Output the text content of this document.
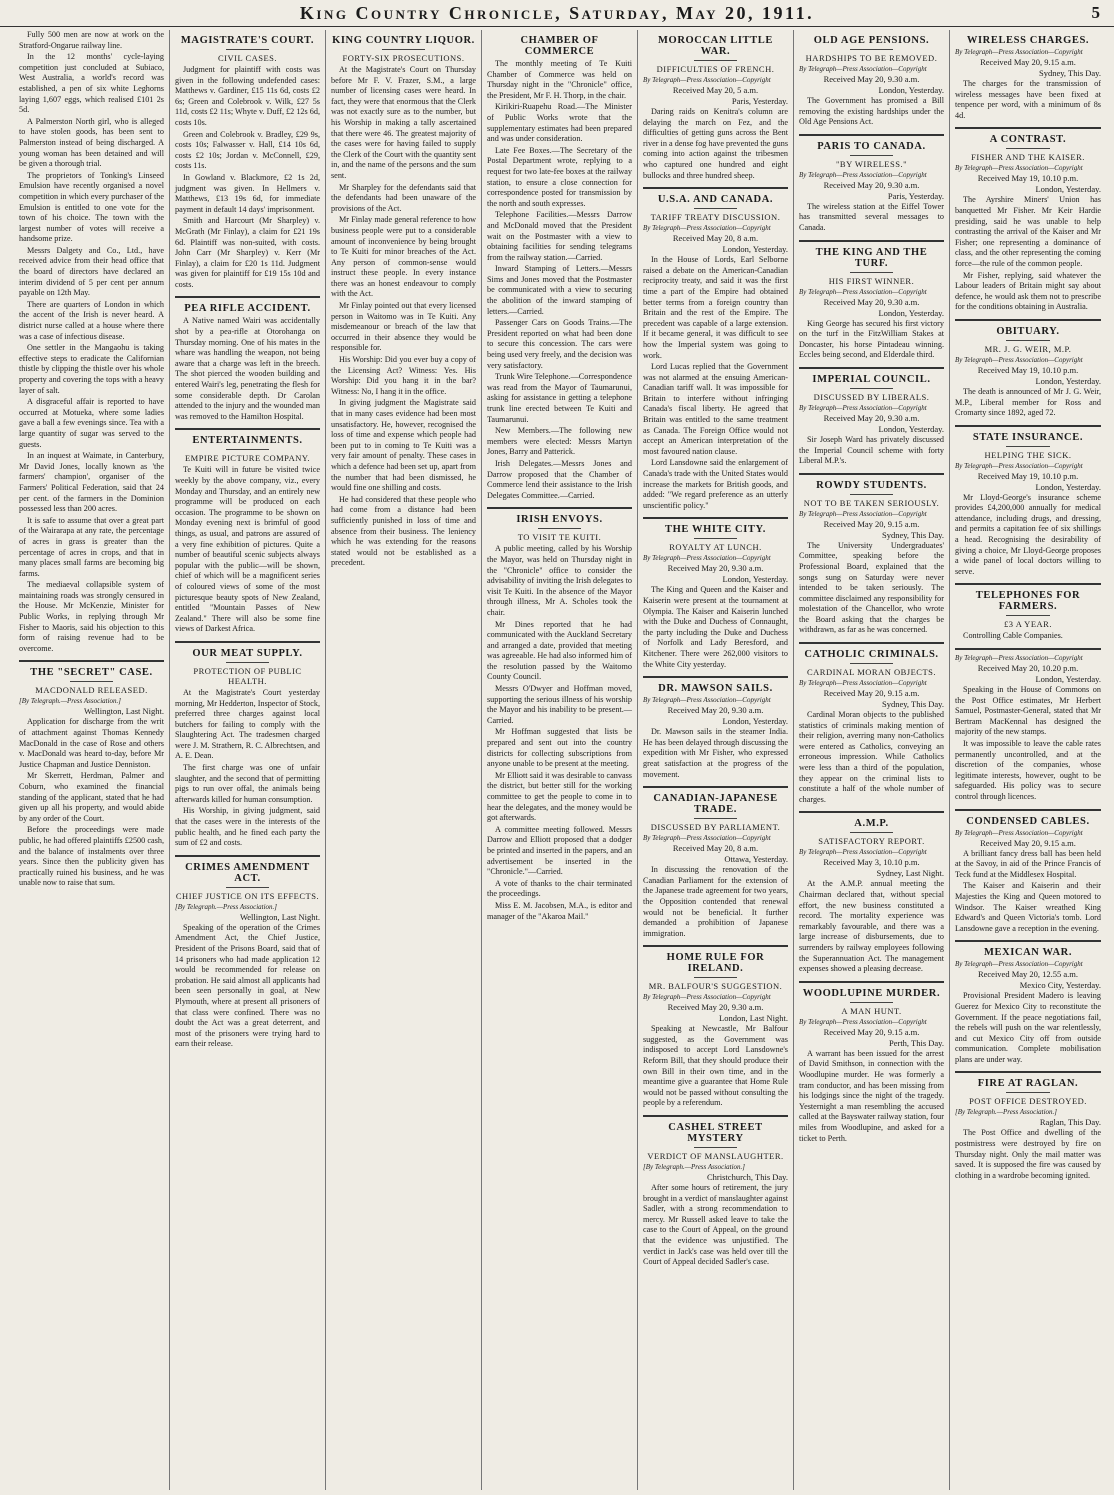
King Country Chronicle, Saturday, May 20, 1911.	5
Fully 500 men are now at work on the Stratford-Ongarue railway line.
In the 12 months' cycle-laying competition just concluded at Subiaco, West Australia, a world's record was established, a pen of six white Leghorns laying 1,607 eggs, which realised £101 2s 5d.
A Palmerston North girl, who is alleged to have stolen goods, has been sent to Palmerston instead of being discharged. A young woman has been detained and will be given a thorough trial.
The proprietors of Tonking's Linseed Emulsion have recently organised a novel competition in which every purchaser of the Emulsion is entitled to one vote for the town of his choice. The town with the largest number of votes will receive a handsome prize.
Messrs Dalgety and Co., Ltd., have received advice from their head office that the board of directors have declared an interim dividend of 5 per cent per annum payable on 12th May.
There are quarters of London in which the accent of the Irish is never heard. A district nurse called at a house where there was a case of infectious disease.
One settler in the Mangaohu is taking effective steps to eradicate the Californian thistle by clipping the thistle over his whole property and covering the tops with a heavy layer of salt.
A disgraceful affair is reported to have occurred at Motueka, where some ladies gave a ball a few evenings since. Tea with a large quantity of sugar was served to the guests.
In an inquest at Waimate, in Canterbury, Mr David Jones, locally known as 'the farmers' champion', organiser of the Farmers' Political Federation, said that 24 per cent. of the farmers in the Dominion possessed less than 200 acres.
It is safe to assume that over a great part of the Wairarapa at any rate, the percentage of acres in grass is greater than the percentage of acres in crops, and that in many places small farms are becoming big farms.
The mediaeval collapsible system of maintaining roads was strongly censured in the House. Mr McKenzie, Minister for Public Works, in replying through Mr Fisher to Maoris, said his objection to this form of raising revenue had to be overcome.
THE "SECRET" CASE.
MACDONALD RELEASED.
[By Telegraph.—Press Association.]
Wellington, Last Night.
Application for discharge from the writ of attachment against Thomas Kennedy MacDonald in the case of Rose and others v. MacDonald was heard to-day, before Mr Justice Chapman and Justice Denniston.
Mr Skerrett, Herdman, Palmer and Coburn, who examined the financial standing of the applicant, stated that he had given up all his property, and would abide by any order of the Court.
Before the proceedings were made public, he had offered plaintiffs £2500 cash, and the balance of instalments over three years. Since then the publicity given has practically ruined his business, and he was unable now to raise that sum.
MAGISTRATE'S COURT.
CIVIL CASES.
Judgment for plaintiff with costs was given in the following undefended cases: Matthews v. Gardiner, £15 11s 6d, costs £2 6s; Green and Colebrook v. Wilk, £27 5s 11d, costs £2 11s; Whyte v. Duff, £2 12s 6d, costs 10s.
Green and Colebrook v. Bradley, £29 9s, costs 10s; Falwasser v. Hall, £14 10s 6d, costs £2 10s; Jordan v. McConnell, £29, costs 11s.
In Gowland v. Blackmore, £2 1s 2d, judgment was given. In Hellmers v. Matthews, £13 19s 6d, for immediate payment in default 14 days' imprisonment.
Smith and Harcourt (Mr Sharpley) v. McGrath (Mr Finlay), a claim for £21 19s 6d. Plaintiff was non-suited, with costs. John Carr (Mr Sharpley) v. Kerr (Mr Finlay), a claim for £20 1s 11d. Judgment was given for plaintiff for £19 15s 10d and costs.
PEA RIFLE ACCIDENT.
A Native named Wairi was accidentally shot by a pea-rifle at Otorohanga on Thursday morning. One of his mates in the whare was handling the weapon, not being aware that a charge was left in the breech. The shot pierced the wooden building and entered Wairi's leg, penetrating the flesh for some considerable depth. Dr Carolan attended to the injury and the wounded man was removed to the Hamilton Hospital.
ENTERTAINMENTS.
EMPIRE PICTURE COMPANY.
Te Kuiti will in future be visited twice weekly by the above company, viz., every Monday and Thursday, and an entirely new programme will be produced on each occasion. The programme to be shown on Monday evening next is brimful of good things, as usual, and patrons are assured of a very fine exhibition of pictures. Quite a number of beautiful scenic subjects always popular with the public—will be shown, chief of which will be a magnificent series of coloured views of some of the most picturesque beauty spots of New Zealand, entitled "Mountain Passes of New Zealand." There will also be some fine views of Darkest Africa.
OUR MEAT SUPPLY.
PROTECTION OF PUBLIC HEALTH.
At the Magistrate's Court yesterday morning, Mr Hedderton, Inspector of Stock, preferred three charges against local butchers for failing to comply with the Slaughtering Act. The tradesmen charged were J. M. Strathern, R. C. Albrechtsen, and A. E. Dean.
The first charge was one of unfair slaughter, and the second that of permitting pigs to run over offal, the animals being afterwards killed for human consumption.
His Worship, in giving judgment, said that the cases were in the interests of the public health, and he fined each party the sum of £2 and costs.
CRIMES AMENDMENT ACT.
CHIEF JUSTICE ON ITS EFFECTS.
[By Telegraph.—Press Association.]
Wellington, Last Night.
Speaking of the operation of the Crimes Amendment Act, the Chief Justice, President of the Prisons Board, said that of 14 prisoners who had made application 12 would be recommended for release on probation. He said almost all applicants had been seen personally in goal, at New Plymouth, where at present all prisoners of that class were confined. There was no doubt the Act was a great deterrent, and most of the prisoners were trying hard to earn their release.
KING COUNTRY LIQUOR.
FORTY-SIX PROSECUTIONS.
At the Magistrate's Court on Thursday before Mr F. V. Frazer, S.M., a large number of licensing cases were heard. In fact, they were that enormous that the Clerk was not exactly sure as to the number, but his Worship in making a tally ascertained that there were 46. The greatest majority of the cases were for having failed to supply the Clerk of the Court with the quantity sent in, and the name of the persons and the sum sent.
Mr Sharpley for the defendants said that the defendants had been unaware of the provisions of the Act.
Mr Finlay made general reference to how business people were put to a considerable amount of inconvenience by being brought to Te Kuiti for minor breaches of the Act. Any person of common-sense would instruct these people. In every instance there was an honest endeavour to comply with the Act.
Mr Finlay pointed out that every licensed person in Waitomo was in Te Kuiti. Any misdemeanour or breach of the law that occurred in their absence they would be responsible for.
His Worship: Did you ever buy a copy of the Licensing Act? Witness: Yes. His Worship: Did you hang it in the bar? Witness: No, I hang it in the office.
In giving judgment the Magistrate said that in many cases evidence had been most unsatisfactory. He, however, recognised the loss of time and expense which people had been put to in coming to Te Kuiti was a very fair amount of penalty. These cases in which a defence had been set up, apart from the number that had been dismissed, he would fine one shilling and costs.
He had considered that these people who had come from a distance had been sufficiently punished in loss of time and absence from their business. The leniency which he was extending for the reasons stated would not be established as a precedent.
CHAMBER OF COMMERCE
The monthly meeting of Te Kuiti Chamber of Commerce was held on Thursday night in the "Chronicle" office, the President, Mr F. H. Thorp, in the chair.
Kirikiri-Ruapehu Road.—The Minister of Public Works wrote that the supplementary estimates had been prepared and was under consideration.
Late Fee Boxes.—The Secretary of the Postal Department wrote, replying to a request for two late-fee boxes at the railway station, to ensure a close connection for correspondence posted for transmission by the north and south expresses.
Telephone Facilities.—Messrs Darrow and McDonald moved that the President wait on the Postmaster with a view to obtaining facilities for sending telegrams from the railway station.—Carried.
Inward Stamping of Letters.—Messrs Sims and Jones moved that the Postmaster be communicated with a view to securing the abolition of the inward stamping of letters.—Carried.
Passenger Cars on Goods Trains.—The President reported on what had been done to secure this concession. The cars were being used very freely, and the decision was very satisfactory.
Trunk Wire Telephone.—Correspondence was read from the Mayor of Taumarunui, asking for assistance in getting a telephone trunk line erected between Te Kuiti and Taumarunui.
New Members.—The following new members were elected: Messrs Martyn Jones, Barry and Patterick.
Irish Delegates.—Messrs Jones and Darrow proposed that the Chamber of Commerce lend their assistance to the Irish Delegates Committee.—Carried.
IRISH ENVOYS.
TO VISIT TE KUITI.
A public meeting, called by his Worship the Mayor, was held on Thursday night in the "Chronicle" office to consider the advisability of inviting the Irish delegates to visit Te Kuiti. In the absence of the Mayor through illness, Mr A. Scholes took the chair.
Mr Dines reported that he had communicated with the Auckland Secretary and arranged a date, provided that meeting was agreeable. He had also informed him of the resolution passed by the Waitomo County Council.
Messrs O'Dwyer and Hoffman moved, supporting the serious illness of his worship the Mayor and his inability to be present.—Carried.
Mr Hoffman suggested that lists be prepared and sent out into the country districts for collecting subscriptions from anyone unable to be present at the meeting.
Mr Elliott said it was desirable to canvass the district, but better still for the working committee to get the people to come in to hear the delegates, and the money would be got afterwards.
A committee meeting followed. Messrs Darrow and Elliott proposed that a dodger be printed and inserted in the papers, and an advertisement be inserted in the "Chronicle."—Carried.
A vote of thanks to the chair terminated the proceedings.
Miss E. M. Jacobsen, M.A., is editor and manager of the "Akaroa Mail."
MOROCCAN LITTLE WAR.
DIFFICULTIES OF FRENCH.
By Telegraph—Press Association—Copyright
Received May 20, 5 a.m.
Paris, Yesterday.
Daring raids on Kenitra's column are delaying the march on Fez, and the difficulties of getting guns across the Bent river in a dense fog have prevented the guns coming into action against the tribesmen who captured one hundred and eight bullocks and three hundred sheep.
U.S.A. AND CANADA.
TARIFF TREATY DISCUSSION.
By Telegraph—Press Association—Copyright
Received May 20, 8 a.m.
London, Yesterday.
In the House of Lords, Earl Selborne raised a debate on the American-Canadian reciprocity treaty, and said it was the first time a part of the Empire had obtained better terms from a foreign country than Britain and the rest of the Empire. The precedent was capable of a large extension. If it became general, it was difficult to see how the Imperial system was going to work.
Lord Lucas replied that the Government was not alarmed at the ensuing American-Canadian tariff wall. It was impossible for Britain to interfere without infringing Canada's fiscal liberty. He agreed that Britain was entitled to the same treatment as Canada. The Foreign Office would not accept an American interpretation of the most favoured nation clause.
Lord Lansdowne said the enlargement of Canada's trade with the United States would increase the markets for British goods, and added: "We regard preference as an utterly unscientific policy."
THE WHITE CITY.
ROYALTY AT LUNCH.
By Telegraph—Press Association—Copyright
Received May 20, 9.30 a.m.
London, Yesterday.
The King and Queen and the Kaiser and Kaiserin were present at the tournament at Olympia. The Kaiser and Kaiserin lunched with the Duke and Duchess of Connaught, the party including the Duke and Duchess of Norfolk and Lady Beresford, and Kitchener. There were 262,000 visitors to the White City yesterday.
DR. MAWSON SAILS.
By Telegraph—Press Association—Copyright
Received May 20, 9.30 a.m.
London, Yesterday.
Dr. Mawson sails in the steamer India. He has been delayed through discussing the expedition with Mr Fisher, who expressed great satisfaction at the progress of the movement.
CANADIAN-JAPANESE TRADE.
DISCUSSED BY PARLIAMENT.
By Telegraph—Press Association—Copyright
Received May 20, 8 a.m.
Ottawa, Yesterday.
In discussing the renovation of the Canadian Parliament for the extension of the Japanese trade agreement for two years, the Opposition contended that renewal would not be beneficial. It further demanded a prohibition of Japanese immigration.
HOME RULE FOR IRELAND.
MR. BALFOUR'S SUGGESTION.
By Telegraph—Press Association—Copyright
Received May 20, 9.30 a.m.
London, Last Night.
Speaking at Newcastle, Mr Balfour suggested, as the Government was indisposed to accept Lord Lansdowne's Reform Bill, that they should produce their own Bill in their own time, and in the meantime give a guarantee that Home Rule would not be passed without consulting the people by a referendum.
CASHEL STREET MYSTERY
VERDICT OF MANSLAUGHTER.
[By Telegraph.—Press Association.]
Christchurch, This Day.
After some hours of retirement, the jury brought in a verdict of manslaughter against Sadler, with a strong recommendation to mercy. Mr Russell asked leave to take the case to the Court of Appeal, on the ground that the evidence was unjustified. The verdict in Jack's case was held over till the Court of Appeal decided Sadler's case.
OLD AGE PENSIONS.
HARDSHIPS TO BE REMOVED.
By Telegraph—Press Association—Copyright
Received May 20, 9.30 a.m.
London, Yesterday.
The Government has promised a Bill removing the existing hardships under the Old Age Pensions Act.
PARIS TO CANADA.
"BY WIRELESS."
By Telegraph—Press Association—Copyright
Received May 20, 9.30 a.m.
Paris, Yesterday.
The wireless station at the Eiffel Tower has transmitted several messages to Canada.
THE KING AND THE TURF.
HIS FIRST WINNER.
By Telegraph—Press Association—Copyright
Received May 20, 9.30 a.m.
London, Yesterday.
King George has secured his first victory on the turf in the FitzWilliam Stakes at Doncaster, his horse Pintadeau winning. Eccles being second, and Elderdale third.
IMPERIAL COUNCIL.
DISCUSSED BY LIBERALS.
By Telegraph—Press Association—Copyright
Received May 20, 9.30 a.m.
London, Yesterday.
Sir Joseph Ward has privately discussed the Imperial Council scheme with forty Liberal M.P.'s.
ROWDY STUDENTS.
NOT TO BE TAKEN SERIOUSLY.
By Telegraph—Press Association—Copyright
Received May 20, 9.15 a.m.
Sydney, This Day.
The University Undergraduates' Committee, speaking before the Professional Board, explained that the songs sung on Saturday were never intended to be taken seriously. The committee disclaimed any responsibility for molestation of the Chancellor, who wrote the Board asking that the charges be withdrawn, as far as he was concerned.
CATHOLIC CRIMINALS.
CARDINAL MORAN OBJECTS.
By Telegraph—Press Association—Copyright
Received May 20, 9.15 a.m.
Sydney, This Day.
Cardinal Moran objects to the published statistics of criminals making mention of their religion, averring many non-Catholics were entered as Catholics, conveying an erroneous impression. While Catholics were less than a third of the population, they appear on the criminal lists to constitute a half of the whole number of charges.
A.M.P.
SATISFACTORY REPORT.
By Telegraph—Press Association—Copyright
Received May 3, 10.10 p.m.
Sydney, Last Night.
At the A.M.P. annual meeting the Chairman declared that, without special effort, the new business constituted a record. The mortality experience was remarkably favourable, and there was a large increase of disbursements, due to surrenders by railway employees following the Superannuation Act. The management expenses showed a pleasing decrease.
WOODLUPINE MURDER.
A MAN HUNT.
By Telegraph—Press Association—Copyright
Received May 20, 9.15 a.m.
Perth, This Day.
A warrant has been issued for the arrest of David Smithson, in connection with the Woodlupine murder. He was formerly a tram conductor, and has been missing from his lodgings since the night of the tragedy. Yesternight a man resembling the accused called at the Bayswater railway station, four miles from Woodlupine, and asked for a ticket to Perth.
WIRELESS CHARGES.
By Telegraph—Press Association—Copyright
Received May 20, 9.15 a.m.
Sydney, This Day.
The charges for the transmission of wireless messages have been fixed at tenpence per word, with a minimum of 8s 4d.
A CONTRAST.
FISHER AND THE KAISER.
By Telegraph—Press Association—Copyright
Received May 19, 10.10 p.m.
London, Yesterday.
The Ayrshire Miners' Union has banquetted Mr Fisher. Mr Keir Hardie presiding, said he was unable to help contrasting the arrival of the Kaiser and Mr Fisher; one representing a dominance of class, and the other representing the coming force—the rule of the common people.
Mr Fisher, replying, said whatever the Labour leaders of Britain might say about defence, he would ask them not to prescribe for the conditions obtaining in Australia.
OBITUARY.
MR. J. G. WEIR, M.P.
By Telegraph—Press Association—Copyright
Received May 19, 10.10 p.m.
London, Yesterday.
The death is announced of Mr J. G. Weir, M.P., Liberal member for Ross and Cromarty since 1892, aged 72.
STATE INSURANCE.
HELPING THE SICK.
By Telegraph—Press Association—Copyright
Received May 19, 10.10 p.m.
London, Yesterday.
Mr Lloyd-George's insurance scheme provides £4,200,000 annually for medical attendance, including drugs, and dressing, and permits a capitation fee of six shillings a head. Recognising the desirability of giving a choice, Mr Lloyd-George proposes a wide panel of local doctors willing to serve.
TELEPHONES FOR FARMERS.
£3 A YEAR.
Controlling Cable Companies.
By Telegraph—Press Association—Copyright
Received May 20, 10.20 p.m.
London, Yesterday.
Speaking in the House of Commons on the Post Office estimates, Mr Herbert Samuel, Postmaster-General, stated that Mr Bertram MacKennal has designed the majority of the new stamps.
It was impossible to leave the cable rates permanently uncontrolled, and at the discretion of the companies, whose legitimate interests, however, ought to be safeguarded. His policy was to secure control through licences.
CONDENSED CABLES.
By Telegraph—Press Association—Copyright
Received May 20, 9.15 a.m.
A brilliant fancy dress ball has been held at the Savoy, in aid of the Prince Francis of Teck fund at the Middlesex Hospital.
The Kaiser and Kaiserin and their Majesties the King and Queen motored to Windsor. The Kaiser wreathed King Edward's and Queen Victoria's tomb. Lord Lansdowne gave a reception in the evening.
MEXICAN WAR.
By Telegraph—Press Association—Copyright
Received May 20, 12.55 a.m.
Mexico City, Yesterday.
Provisional President Madero is leaving Guerez for Mexico City to reconstitute the Government. If the peace negotiations fail, the rebels will push on the war relentlessly, and cut Mexico City off from outside communication. Complete mobilisation plans are under way.
FIRE AT RAGLAN.
POST OFFICE DESTROYED.
[By Telegraph.—Press Association.]
Raglan, This Day.
The Post Office and dwelling of the postmistress were destroyed by fire on Thursday night. Only the mail matter was saved. It is supposed the fire was caused by clothing in a wardrobe becoming ignited.
